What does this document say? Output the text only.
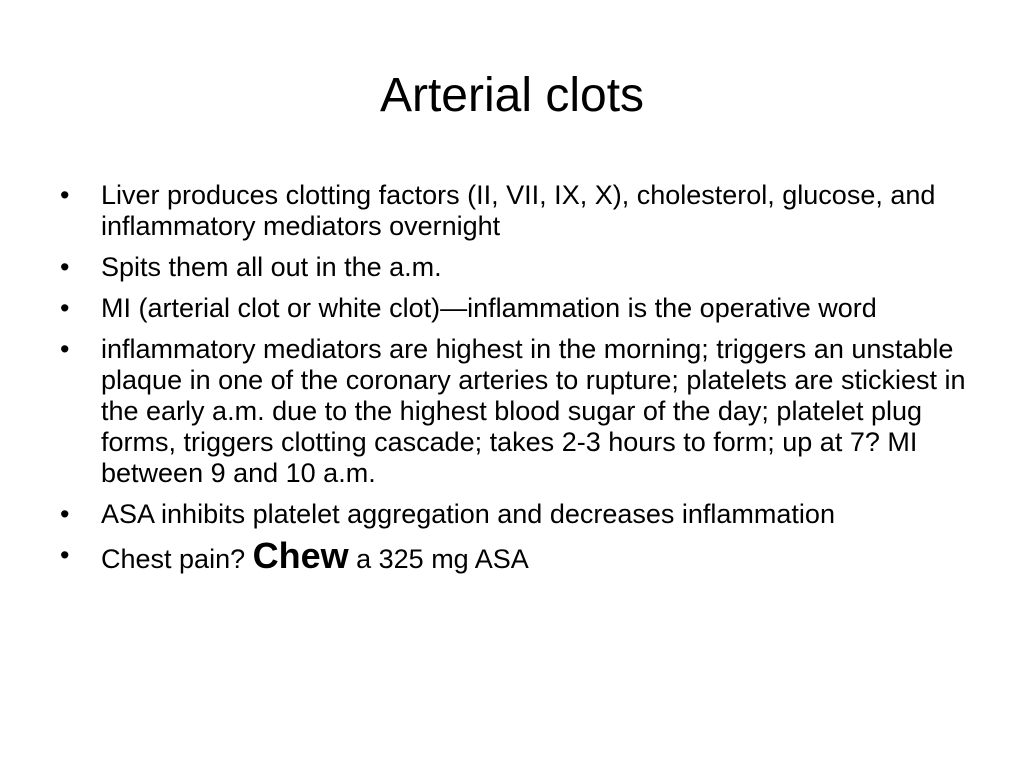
Arterial clots
• Liver produces clotting factors (II, VII, IX, X), cholesterol, glucose, and inflammatory mediators overnight
• Spits them all out in the a.m.
• MI (arterial clot or white clot)—inflammation is the operative word
• inflammatory mediators are highest in the morning; triggers an unstable plaque in one of the coronary arteries to rupture; platelets are stickiest in the early a.m. due to the highest blood sugar of the day; platelet plug forms, triggers clotting cascade; takes 2-3 hours to form; up at 7? MI between 9 and 10 a.m.
• ASA inhibits platelet aggregation and decreases inflammation
• Chest pain? Chew a 325 mg ASA
